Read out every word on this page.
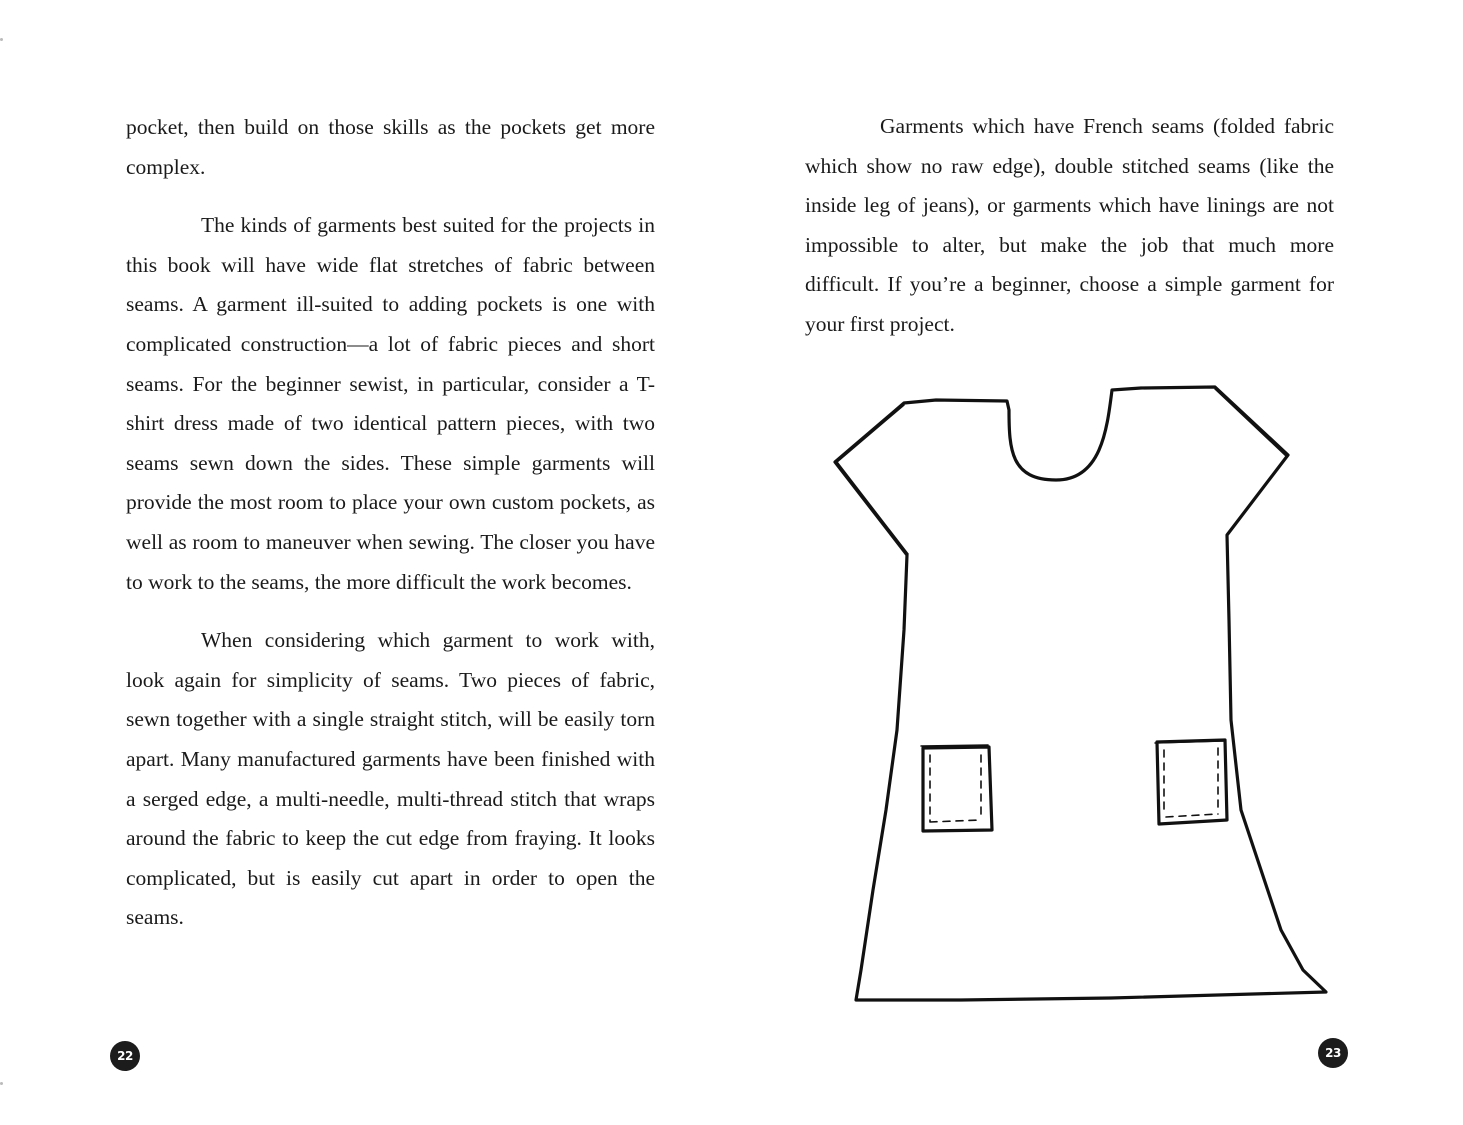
pocket, then build on those skills as the pockets get more complex.

The kinds of garments best suited for the projects in this book will have wide flat stretches of fabric between seams. A garment ill-suited to adding pockets is one with complicated construction—a lot of fabric pieces and short seams. For the beginner sewist, in particular, consider a T-shirt dress made of two identical pattern pieces, with two seams sewn down the sides. These simple garments will provide the most room to place your own custom pockets, as well as room to maneuver when sewing. The closer you have to work to the seams, the more difficult the work becomes.

When considering which garment to work with, look again for simplicity of seams. Two pieces of fabric, sewn together with a single straight stitch, will be easily torn apart. Many manufactured garments have been finished with a serged edge, a multi-needle, multi-thread stitch that wraps around the fabric to keep the cut edge from fraying. It looks complicated, but is easily cut apart in order to open the seams.

22

Garments which have French seams (folded fabric which show no raw edge), double stitched seams (like the inside leg of jeans), or garments which have linings are not impossible to alter, but make the job that much more difficult. If you’re a beginner, choose a simple garment for your first project.

23
